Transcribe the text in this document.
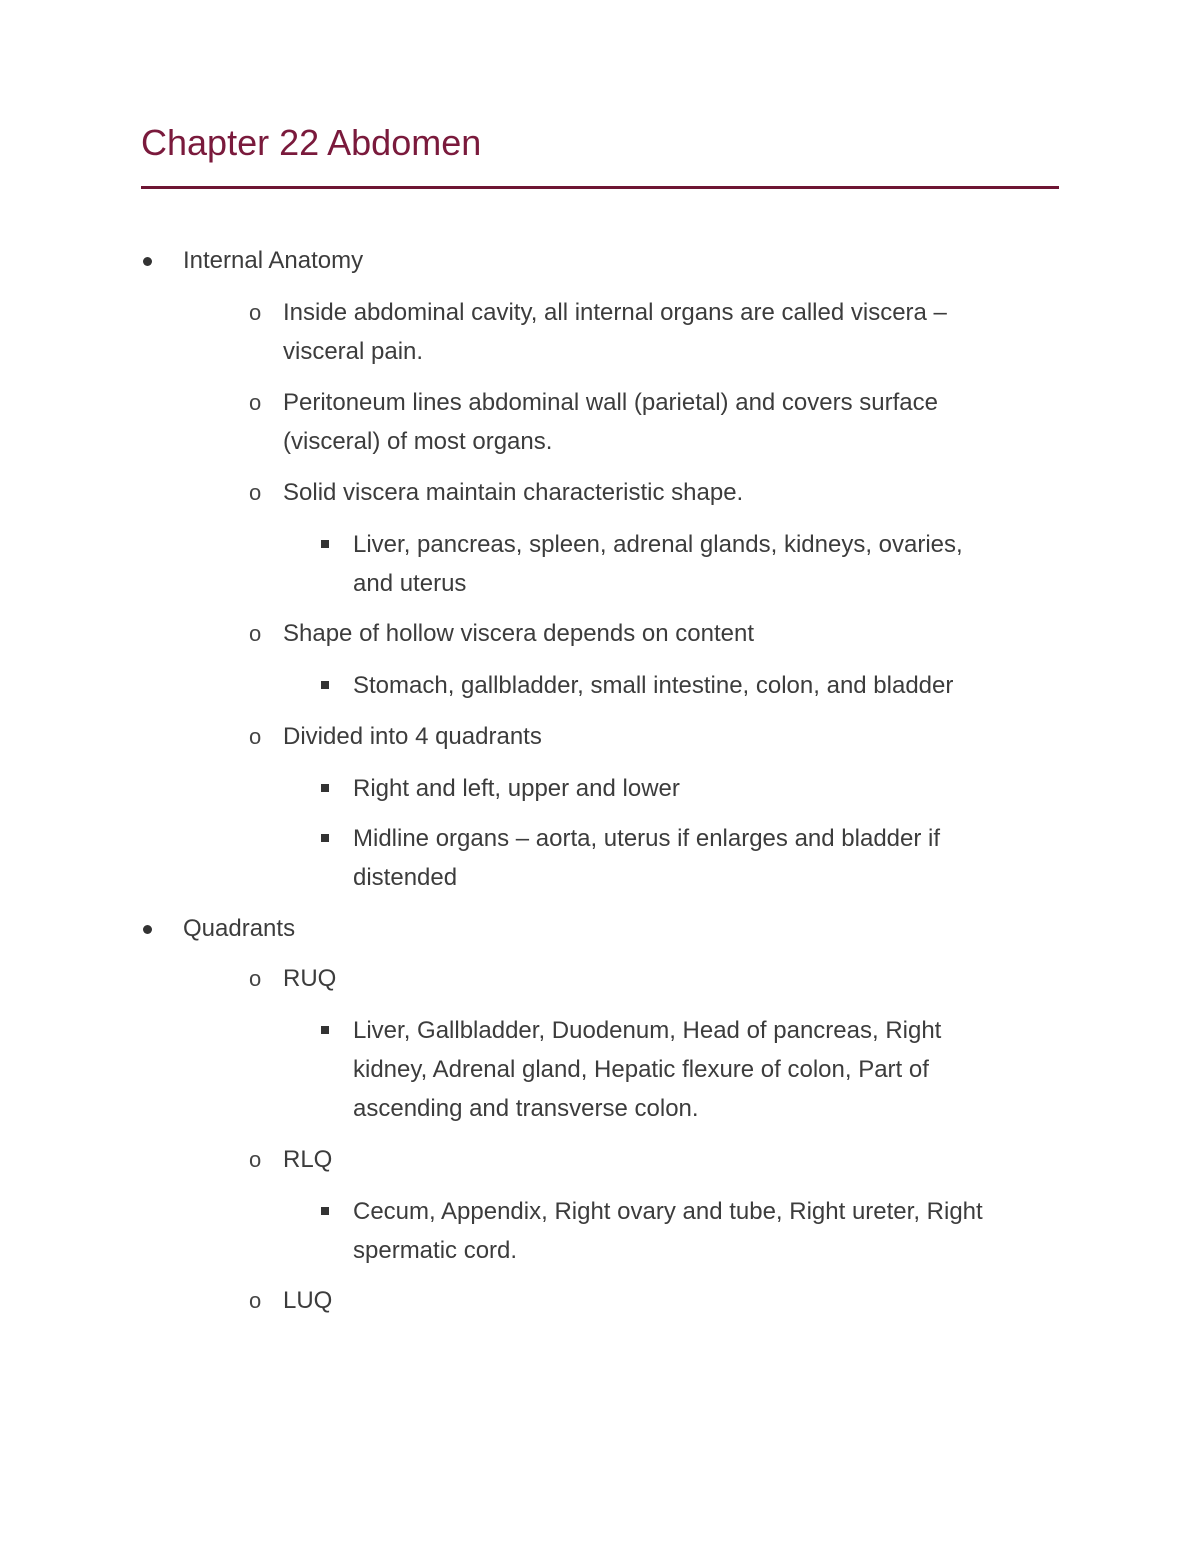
Chapter 22 Abdomen
Internal Anatomy
o Inside abdominal cavity, all internal organs are called viscera –
visceral pain.
o Peritoneum lines abdominal wall (parietal) and covers surface
(visceral) of most organs.
o Solid viscera maintain characteristic shape.
Liver, pancreas, spleen, adrenal glands, kidneys, ovaries,
and uterus
o Shape of hollow viscera depends on content
Stomach, gallbladder, small intestine, colon, and bladder
o Divided into 4 quadrants
Right and left, upper and lower
Midline organs – aorta, uterus if enlarges and bladder if
distended
Quadrants
o RUQ
Liver, Gallbladder, Duodenum, Head of pancreas, Right
kidney, Adrenal gland, Hepatic flexure of colon, Part of
ascending and transverse colon.
o RLQ
Cecum, Appendix, Right ovary and tube, Right ureter, Right
spermatic cord.
o LUQ
